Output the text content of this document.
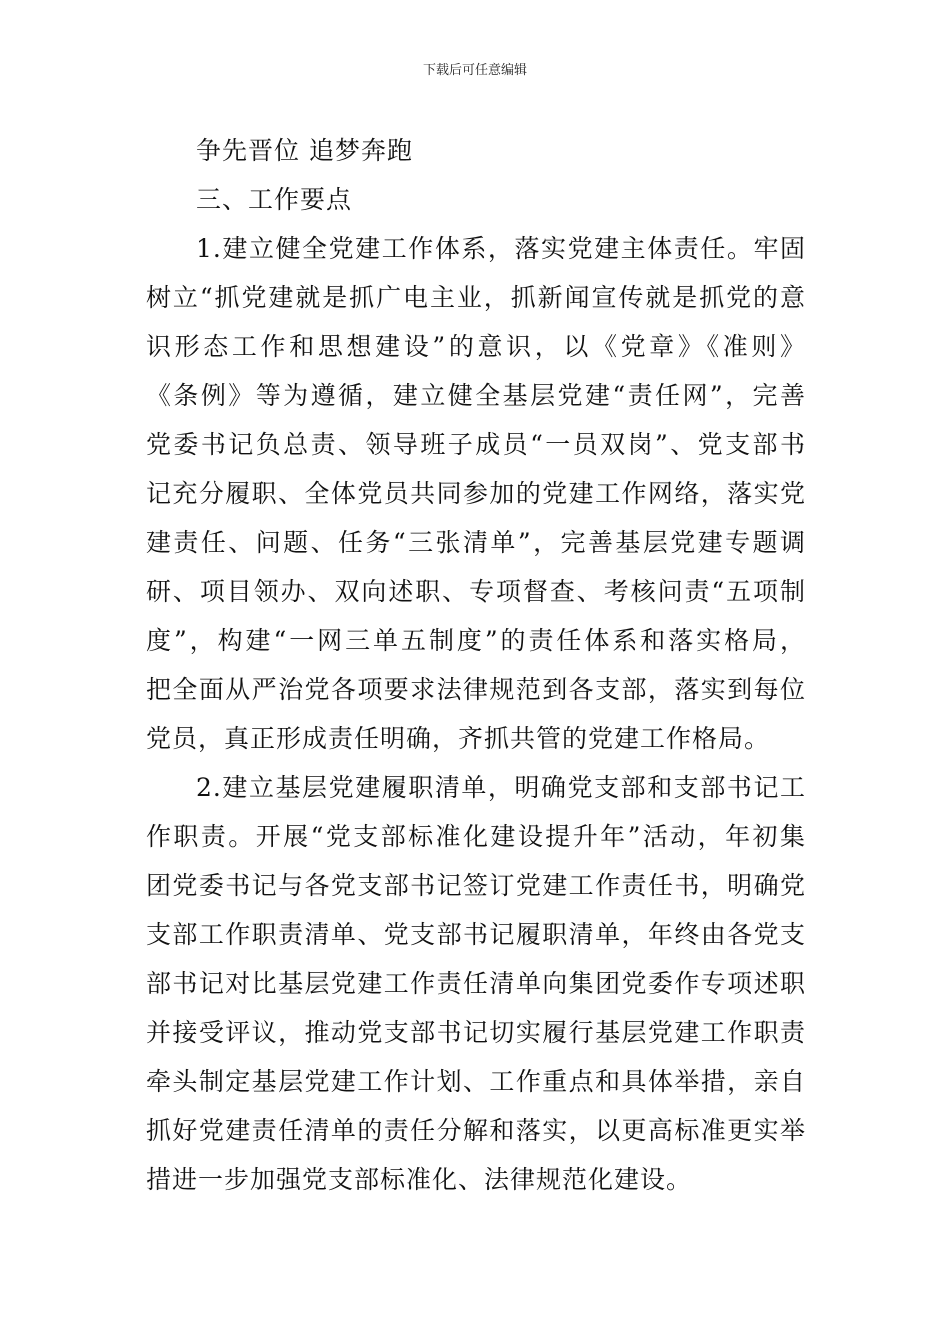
下载后可任意编辑
争先晋位 追梦奔跑
三、工作要点
1.建立健全党建工作体系，落实党建主体责任。牢固
树立“抓党建就是抓广电主业，抓新闻宣传就是抓党的意
识形态工作和思想建设”的意识，以《党章》《准则》
《条例》等为遵循，建立健全基层党建“责任网”，完善
党委书记负总责、领导班子成员“一员双岗”、党支部书
记充分履职、全体党员共同参加的党建工作网络，落实党
建责任、问题、任务“三张清单”，完善基层党建专题调
研、项目领办、双向述职、专项督查、考核问责“五项制
度”，构建“一网三单五制度”的责任体系和落实格局，
把全面从严治党各项要求法律规范到各支部，落实到每位
党员，真正形成责任明确，齐抓共管的党建工作格局。
2.建立基层党建履职清单，明确党支部和支部书记工
作职责。开展“党支部标准化建设提升年”活动，年初集
团党委书记与各党支部书记签订党建工作责任书，明确党
支部工作职责清单、党支部书记履职清单，年终由各党支
部书记对比基层党建工作责任清单向集团党委作专项述职
并接受评议，推动党支部书记切实履行基层党建工作职责
牵头制定基层党建工作计划、工作重点和具体举措，亲自
抓好党建责任清单的责任分解和落实，以更高标准更实举
措进一步加强党支部标准化、法律规范化建设。
